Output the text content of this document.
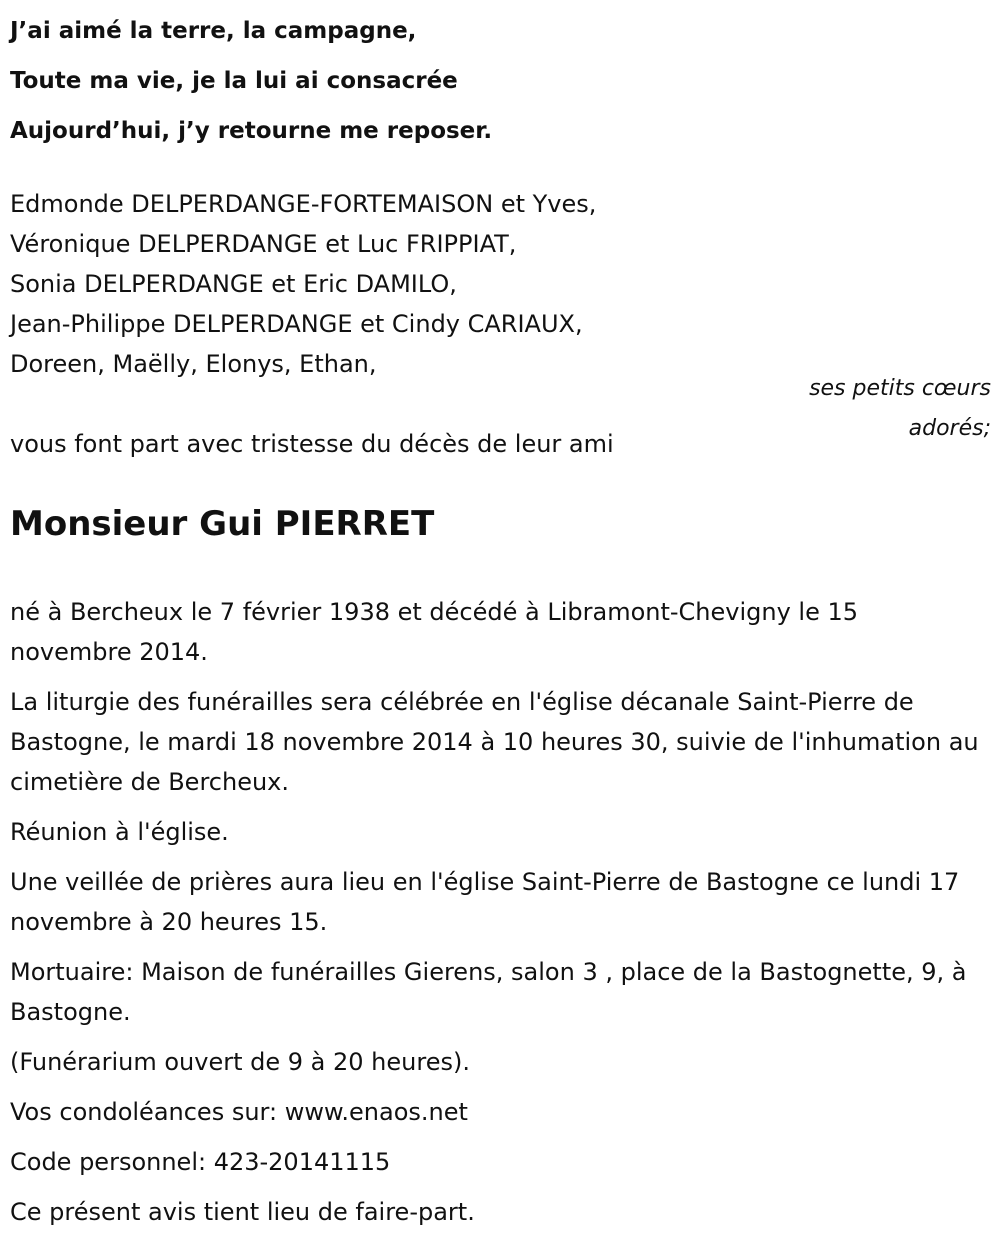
J’ai aimé la terre, la campagne,
Toute ma vie, je la lui ai consacrée
Aujourd’hui, j’y retourne me reposer.
Edmonde DELPERDANGE-FORTEMAISON et Yves,
Véronique DELPERDANGE et Luc FRIPPIAT,
Sonia DELPERDANGE et Eric DAMILO,
Jean-Philippe DELPERDANGE et Cindy CARIAUX,
Doreen, Maëlly, Elonys, Ethan,
ses petits cœurs
adorés;
vous font part avec tristesse du décès de leur ami
Monsieur Gui PIERRET

né à Bercheux le 7 février 1938 et décédé à Libramont-Chevigny le 15 novembre 2014.

La liturgie des funérailles sera célébrée en l'église décanale Saint-Pierre de Bastogne, le mardi 18 novembre 2014 à 10 heures 30, suivie de l'inhumation au cimetière de Bercheux.

Réunion à l'église.

Une veillée de prières aura lieu en l'église Saint-Pierre de Bastogne ce lundi 17 novembre à 20 heures 15.

Mortuaire: Maison de funérailles Gierens, salon 3 , place de la Bastognette, 9, à Bastogne.

(Funérarium ouvert de 9 à 20 heures).

Vos condoléances sur: www.enaos.net

Code personnel: 423-20141115

Ce présent avis tient lieu de faire-part.
